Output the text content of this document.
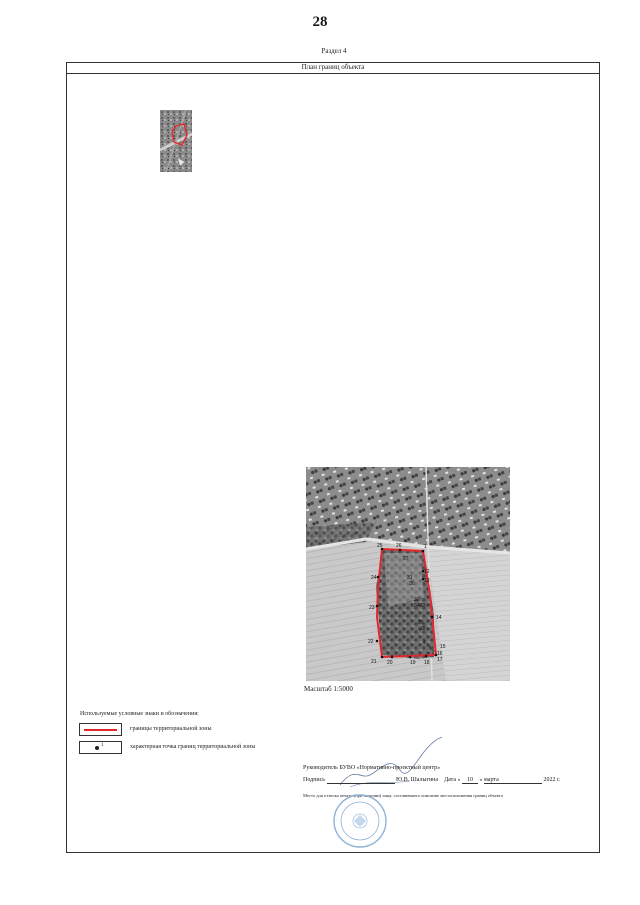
28
Раздел 4
План границ объекта
25	26	1
27
24
23
22
21 20	19 18 17
16
15
14
12
13
31
30
32
34 33
29
28
4
3
2
Масштаб 1:5000
Используемые условные знаки и обозначения:
границы территориальной зоны
1	характерная точка границ территориальной зоны
Руководитель БУВО «Нормативно-проектный центр»
Подпись	Ю.В. Шалыгина Дата « 10 » марта	2022 г.
Место для оттиска печати (при наличии) лица, составившего описание местоположения границ объекта
